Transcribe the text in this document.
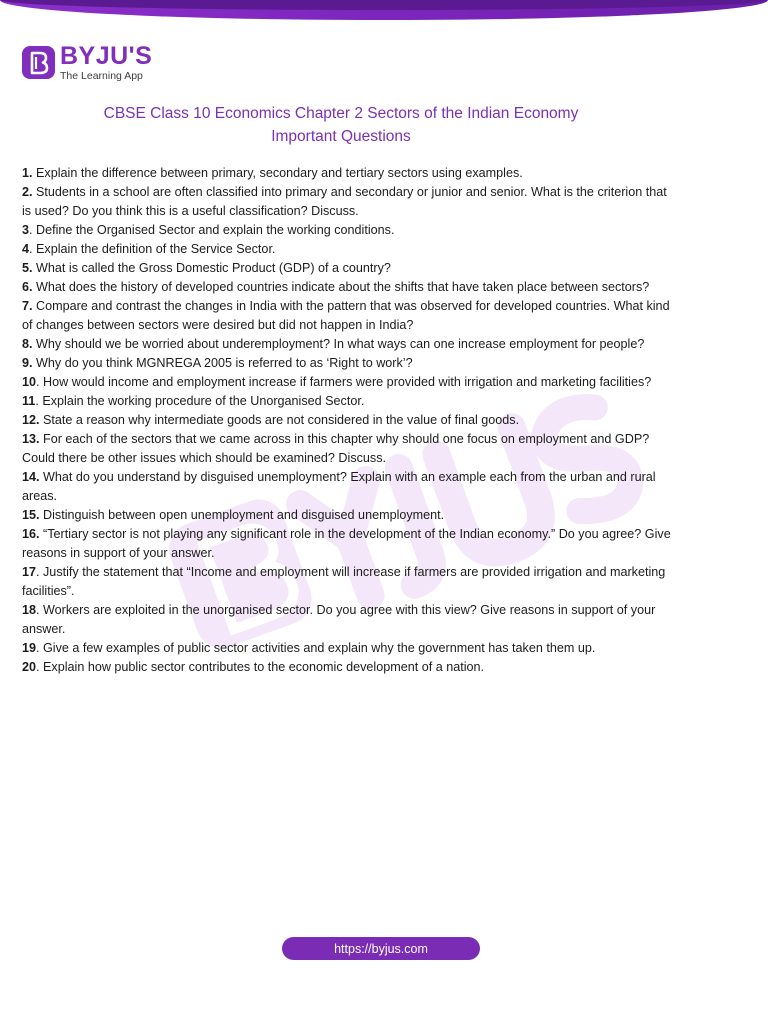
BYJU'S
The Learning App
CBSE Class 10 Economics Chapter 2 Sectors of the Indian Economy
Important Questions

1. Explain the difference between primary, secondary and tertiary sectors using examples.

2. Students in a school are often classified into primary and secondary or junior and senior. What is the criterion that is used? Do you think this is a useful classification? Discuss.

3. Define the Organised Sector and explain the working conditions.

4. Explain the definition of the Service Sector.

5. What is called the Gross Domestic Product (GDP) of a country?

6. What does the history of developed countries indicate about the shifts that have taken place between sectors?

7. Compare and contrast the changes in India with the pattern that was observed for developed countries. What kind of changes between sectors were desired but did not happen in India?

8. Why should we be worried about underemployment? In what ways can one increase employment for people?

9. Why do you think MGNREGA 2005 is referred to as ‘Right to work’?

10. How would income and employment increase if farmers were provided with irrigation and marketing facilities?

11. Explain the working procedure of the Unorganised Sector.

12. State a reason why intermediate goods are not considered in the value of final goods.

13. For each of the sectors that we came across in this chapter why should one focus on employment and GDP? Could there be other issues which should be examined? Discuss.

14. What do you understand by disguised unemployment? Explain with an example each from the urban and rural areas.

15. Distinguish between open unemployment and disguised unemployment.

16. “Tertiary sector is not playing any significant role in the development of the Indian economy.” Do you agree? Give reasons in support of your answer.

17. Justify the statement that “Income and employment will increase if farmers are provided irrigation and marketing facilities”.

18. Workers are exploited in the unorganised sector. Do you agree with this view? Give reasons in support of your answer.

19. Give a few examples of public sector activities and explain why the government has taken them up.

20. Explain how public sector contributes to the economic development of a nation.

https://byjus.com
